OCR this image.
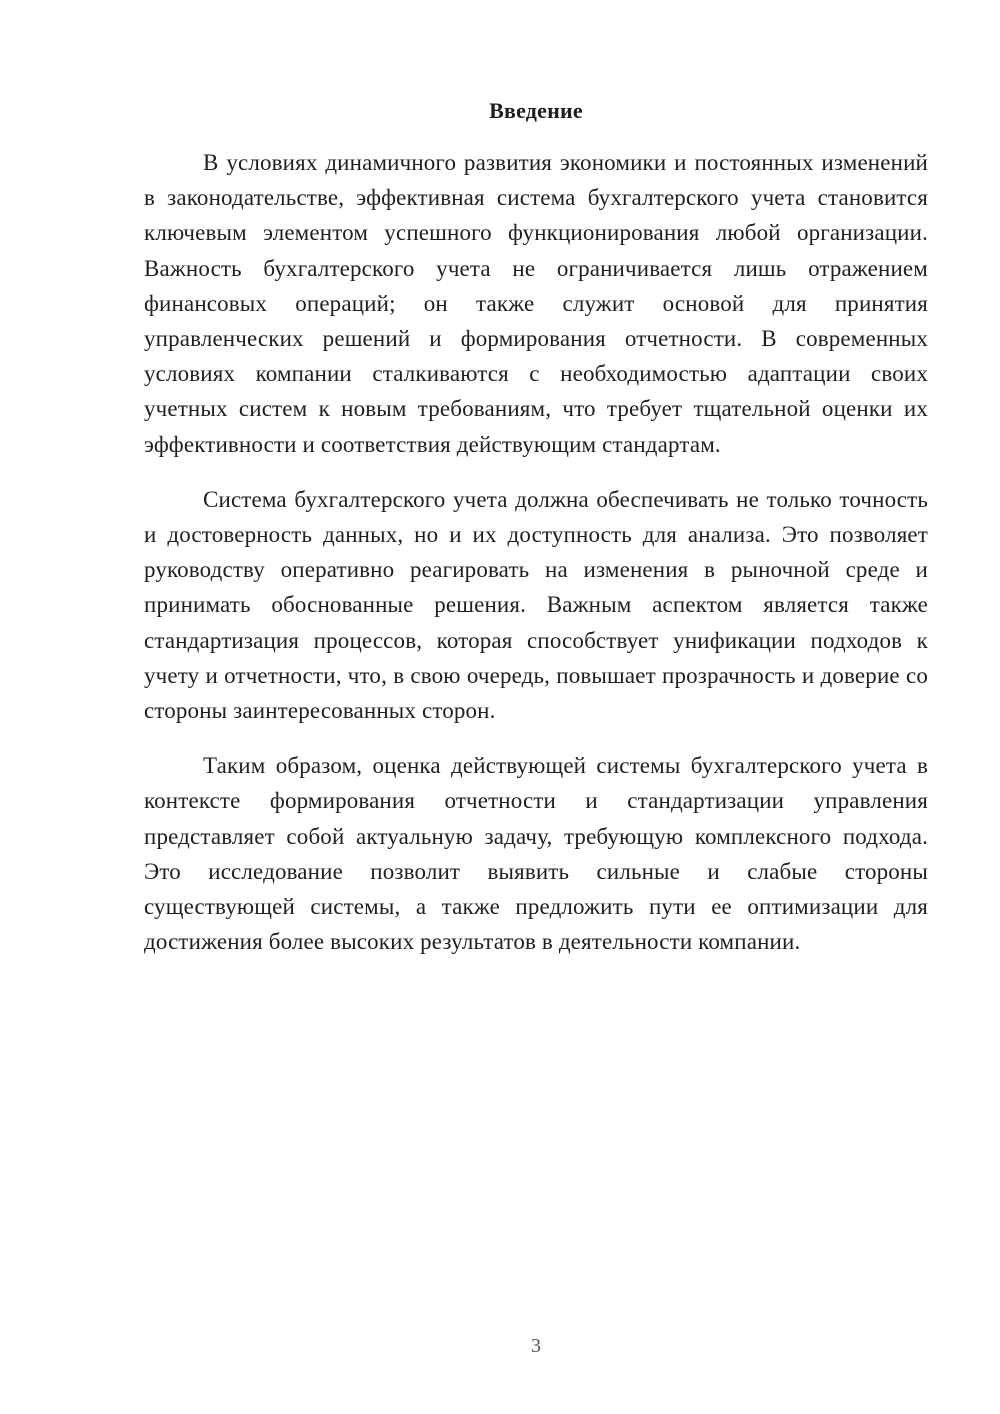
Введение

В условиях динамичного развития экономики и постоянных изменений в законодательстве, эффективная система бухгалтерского учета становится ключевым элементом успешного функционирования любой организации. Важность бухгалтерского учета не ограничивается лишь отражением финансовых операций; он также служит основой для принятия управленческих решений и формирования отчетности. В современных условиях компании сталкиваются с необходимостью адаптации своих учетных систем к новым требованиям, что требует тщательной оценки их эффективности и соответствия действующим стандартам.

Система бухгалтерского учета должна обеспечивать не только точность и достоверность данных, но и их доступность для анализа. Это позволяет руководству оперативно реагировать на изменения в рыночной среде и принимать обоснованные решения. Важным аспектом является также стандартизация процессов, которая способствует унификации подходов к учету и отчетности, что, в свою очередь, повышает прозрачность и доверие со стороны заинтересованных сторон.

Таким образом, оценка действующей системы бухгалтерского учета в контексте формирования отчетности и стандартизации управления представляет собой актуальную задачу, требующую комплексного подхода. Это исследование позволит выявить сильные и слабые стороны существующей системы, а также предложить пути ее оптимизации для достижения более высоких результатов в деятельности компании.

3
